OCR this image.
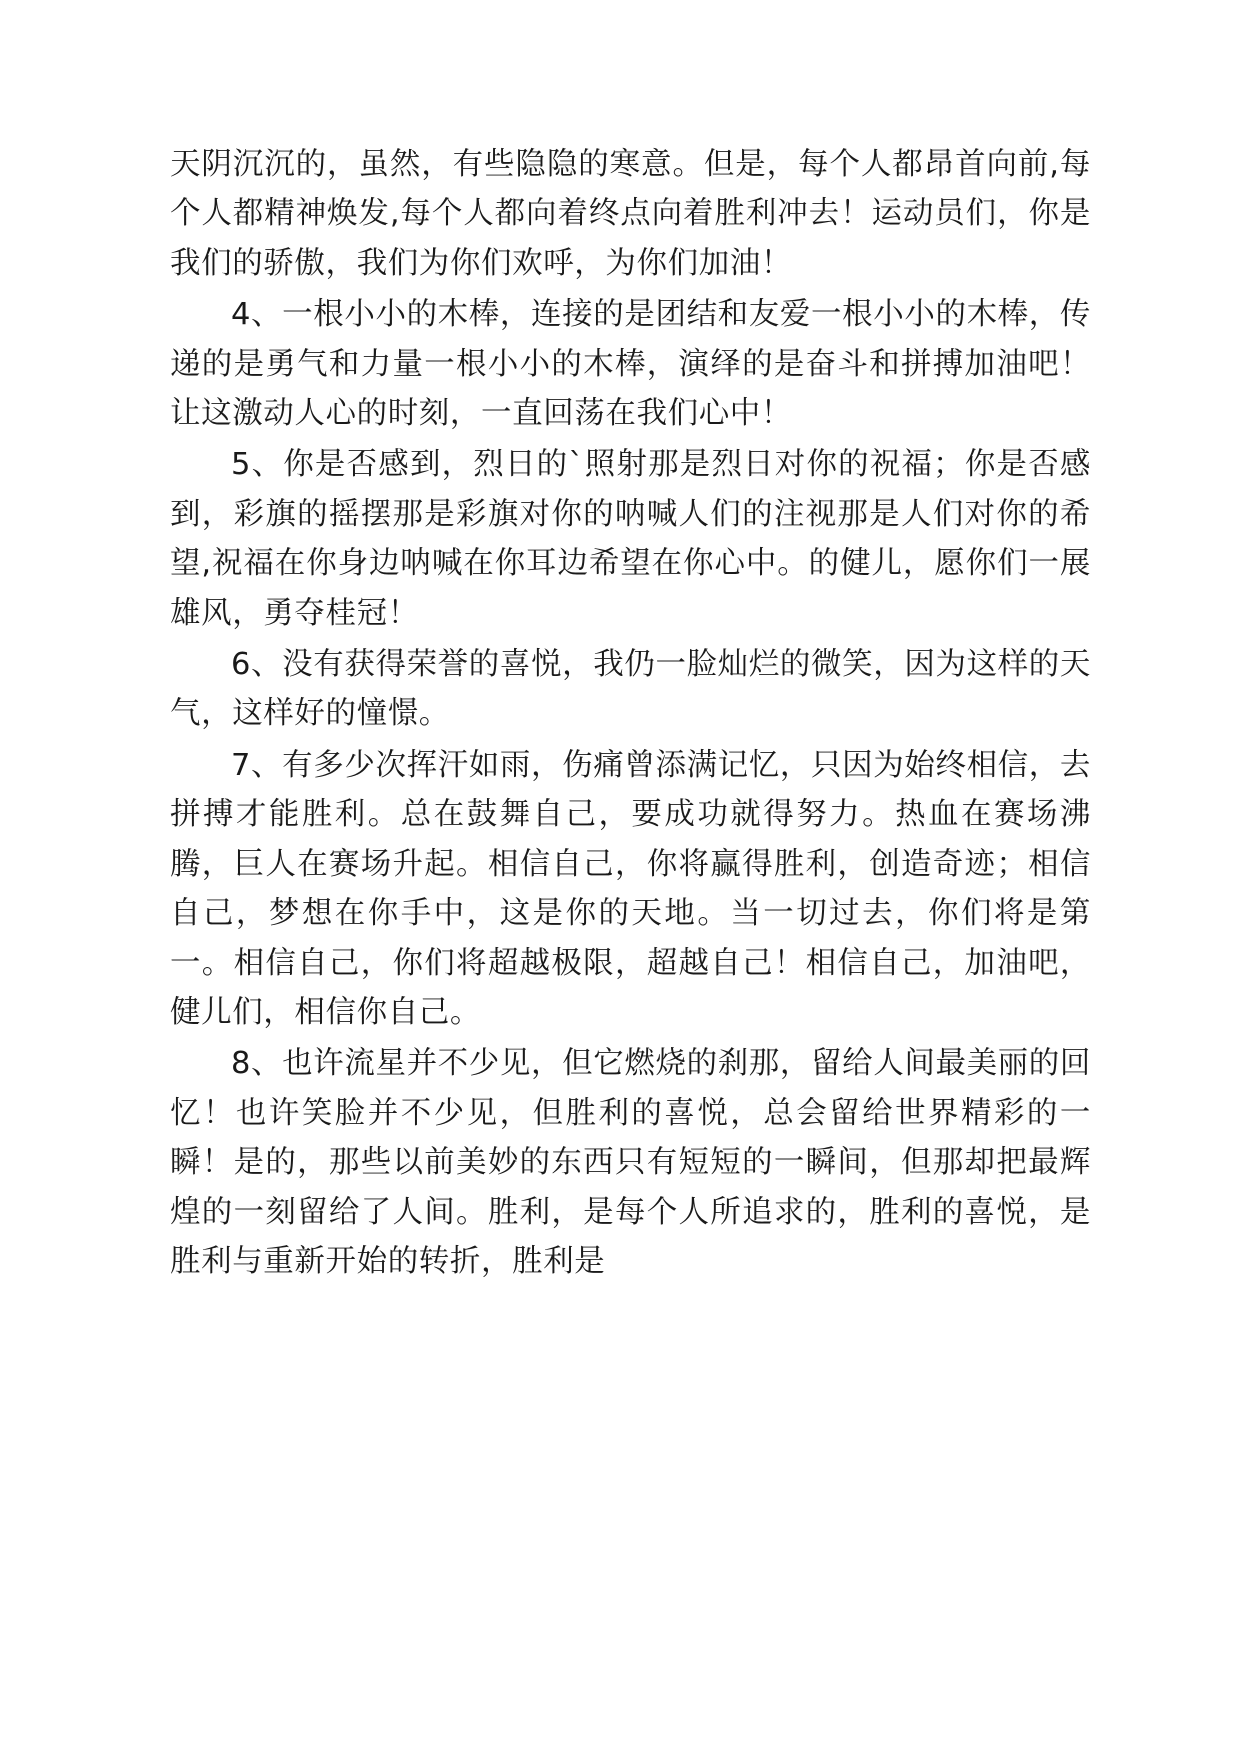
天阴沉沉的，虽然，有些隐隐的寒意。但是，每个人都昂首向前,每个人都精神焕发,每个人都向着终点向着胜利冲去！运动员们，你是我们的骄傲，我们为你们欢呼，为你们加油！

4、一根小小的木棒，连接的是团结和友爱一根小小的木棒，传递的是勇气和力量一根小小的木棒，演绎的是奋斗和拼搏加油吧！让这激动人心的时刻，一直回荡在我们心中！

5、你是否感到，烈日的`照射那是烈日对你的祝福；你是否感到，彩旗的摇摆那是彩旗对你的呐喊人们的注视那是人们对你的希望,祝福在你身边呐喊在你耳边希望在你心中。的健儿，愿你们一展雄风，勇夺桂冠！

6、没有获得荣誉的喜悦，我仍一脸灿烂的微笑，因为这样的天气，这样好的憧憬。

7、有多少次挥汗如雨，伤痛曾添满记忆，只因为始终相信，去拼搏才能胜利。总在鼓舞自己，要成功就得努力。热血在赛场沸腾，巨人在赛场升起。相信自己，你将赢得胜利，创造奇迹；相信自己，梦想在你手中，这是你的天地。当一切过去，你们将是第一。相信自己，你们将超越极限，超越自己！相信自己，加油吧，健儿们，相信你自己。

8、也许流星并不少见，但它燃烧的刹那，留给人间最美丽的回忆！也许笑脸并不少见，但胜利的喜悦，总会留给世界精彩的一瞬！是的，那些以前美妙的东西只有短短的一瞬间，但那却把最辉煌的一刻留给了人间。胜利，是每个人所追求的，胜利的喜悦，是胜利与重新开始的转折，胜利是
